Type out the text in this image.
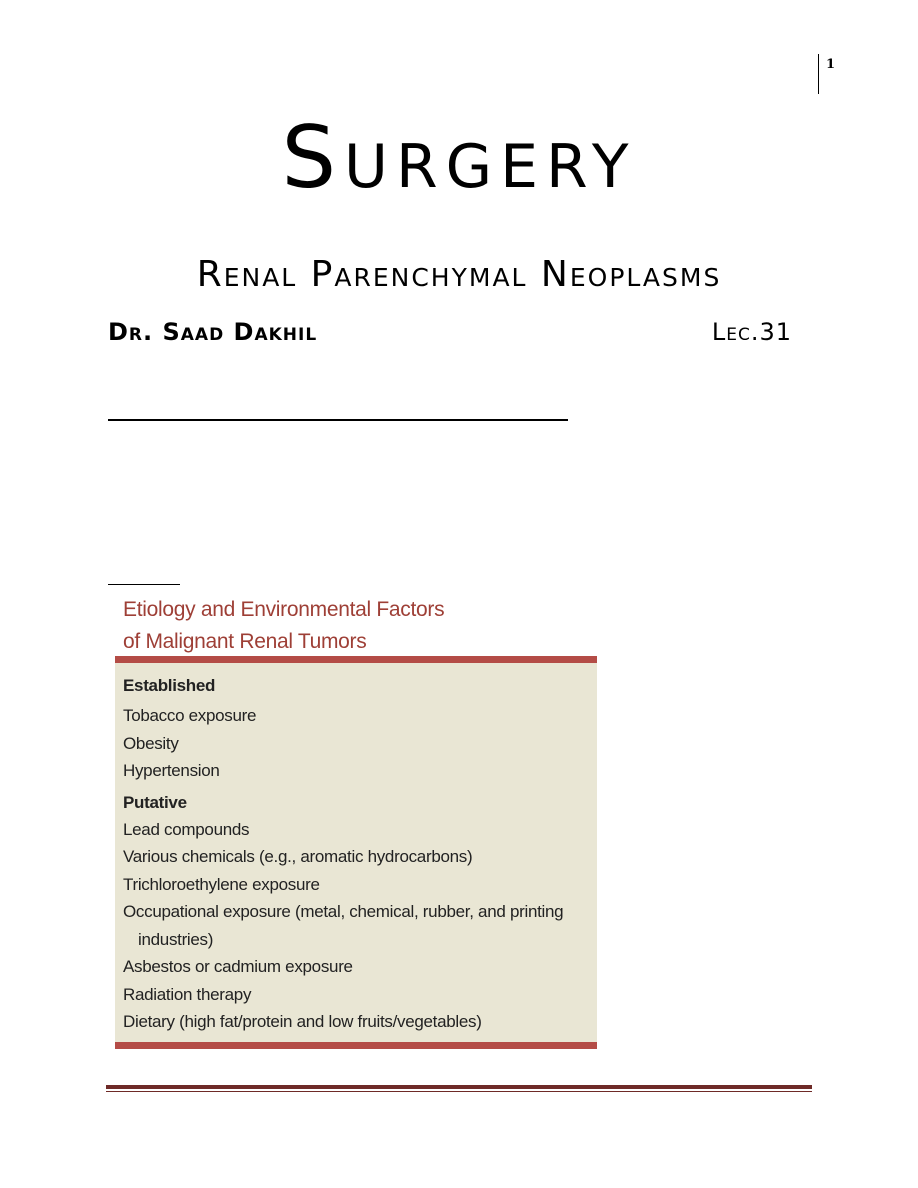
1
Surgery
Renal Parenchymal Neoplasms
Dr. Saad Dakhil	Lec.31
Etiology and Environmental Factors
of Malignant Renal Tumors
Established
Tobacco exposure
Obesity
Hypertension
Putative
Lead compounds
Various chemicals (e.g., aromatic hydrocarbons)
Trichloroethylene exposure
Occupational exposure (metal, chemical, rubber, and printing industries)
Asbestos or cadmium exposure
Radiation therapy
Dietary (high fat/protein and low fruits/vegetables)
